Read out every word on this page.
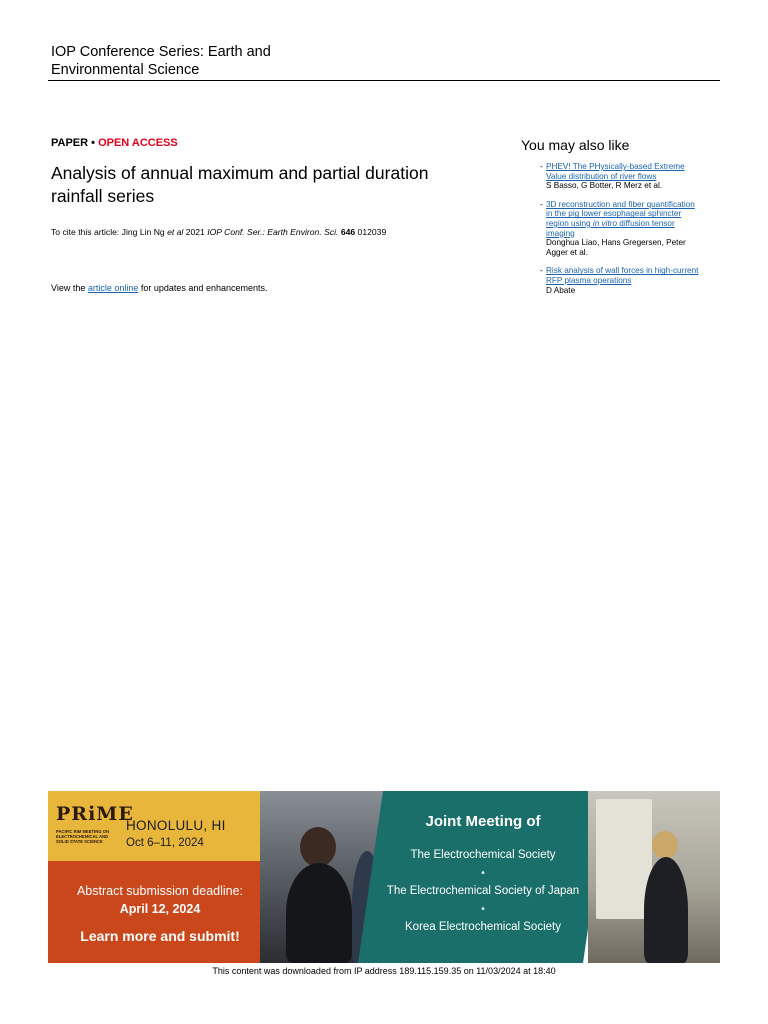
IOP Conference Series: Earth and
Environmental Science
PAPER • OPEN ACCESS
Analysis of annual maximum and partial duration
rainfall series
To cite this article: Jing Lin Ng et al 2021 IOP Conf. Ser.: Earth Environ. Sci. 646 012039
View the article online for updates and enhancements.
You may also like
- PHEV! The PHysically-based Extreme
Value distribution of river flows
S Basso, G Botter, R Merz et al.
- 3D reconstruction and fiber quantification
in the pig lower esophageal sphincter
region using in vitro diffusion tensor
imaging
Donghua Liao, Hans Gregersen, Peter
Agger et al.
- Risk analysis of wall forces in high-current
RFP plasma operations
D Abate
PRiME
PACIFIC RIM MEETING ON ELECTROCHEMICAL AND SOLID STATE SCIENCE
HONOLULU, HI
Oct 6–11, 2024
Abstract submission deadline:
April 12, 2024
Learn more and submit!
Joint Meeting of
The Electrochemical Society
•
The Electrochemical Society of Japan
•
Korea Electrochemical Society
This content was downloaded from IP address 189.115.159.35 on 11/03/2024 at 18:40
